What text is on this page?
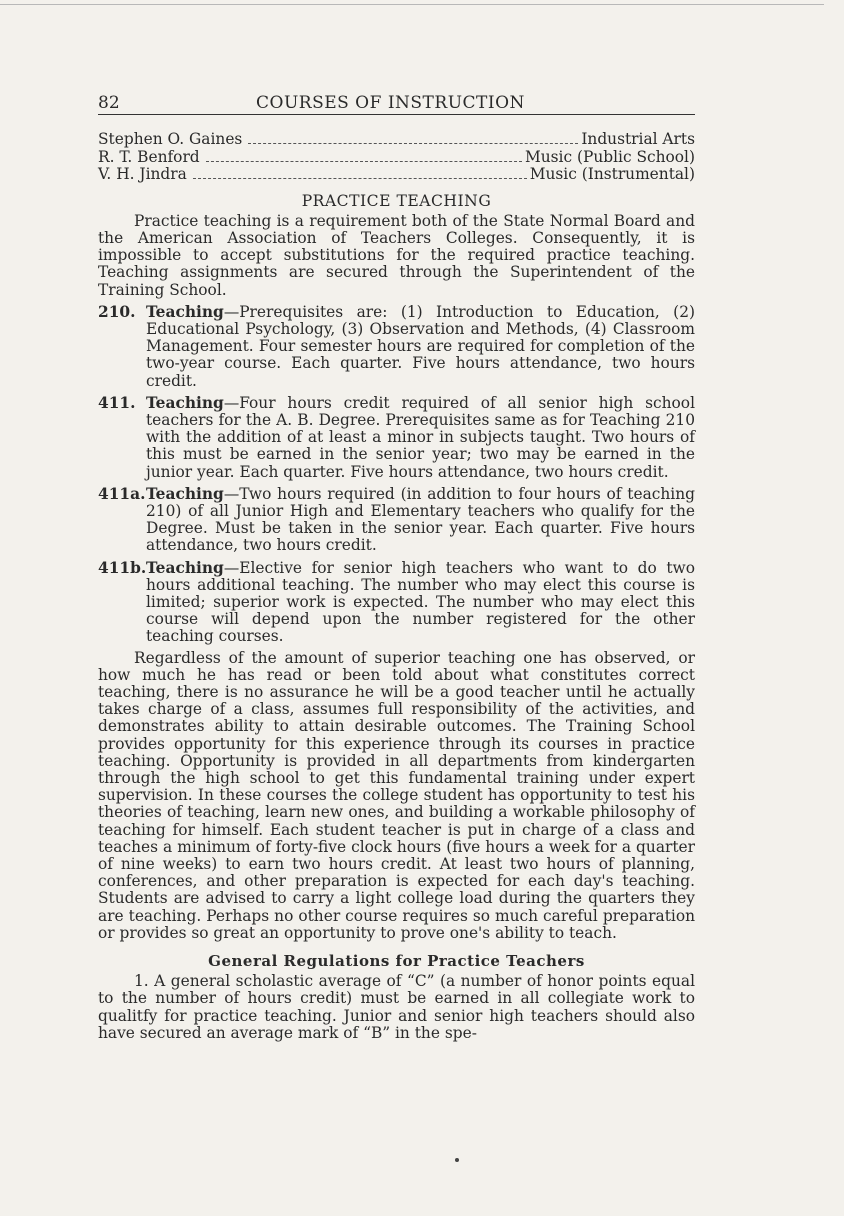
82	COURSES OF INSTRUCTION
Stephen O. Gaines	Industrial Arts
R. T. Benford	Music (Public School)
V. H. Jindra	Music (Instrumental)
PRACTICE TEACHING

Practice teaching is a requirement both of the State Normal Board and the American Association of Teachers Colleges. Consequently, it is impossible to accept substitutions for the required practice teaching. Teaching assignments are secured through the Superintendent of the Training School.

210. Teaching—Prerequisites are: (1) Introduction to Education, (2) Educational Psychology, (3) Observation and Methods, (4) Classroom Management. Four semester hours are required for completion of the two-year course. Each quarter. Five hours attendance, two hours credit.
411. Teaching—Four hours credit required of all senior high school teachers for the A. B. Degree. Prerequisites same as for Teaching 210 with the addition of at least a minor in subjects taught. Two hours of this must be earned in the senior year; two may be earned in the junior year. Each quarter. Five hours attendance, two hours credit.
411a. Teaching—Two hours required (in addition to four hours of teaching 210) of all Junior High and Elementary teachers who qualify for the Degree. Must be taken in the senior year. Each quarter. Five hours attendance, two hours credit.
411b. Teaching—Elective for senior high teachers who want to do two hours additional teaching. The number who may elect this course is limited; superior work is expected. The number who may elect this course will depend upon the number registered for the other teaching courses.

Regardless of the amount of superior teaching one has observed, or how much he has read or been told about what constitutes correct teaching, there is no assurance he will be a good teacher until he actually takes charge of a class, assumes full responsibility of the activities, and demonstrates ability to attain desirable outcomes. The Training School provides opportunity for this experience through its courses in practice teaching. Opportunity is provided in all departments from kindergarten through the high school to get this fundamental training under expert supervision. In these courses the college student has opportunity to test his theories of teaching, learn new ones, and building a workable philosophy of teaching for himself. Each student teacher is put in charge of a class and teaches a minimum of forty-five clock hours (five hours a week for a quarter of nine weeks) to earn two hours credit. At least two hours of planning, conferences, and other preparation is expected for each day's teaching. Students are advised to carry a light college load during the quarters they are teaching. Perhaps no other course requires so much careful preparation or provides so great an opportunity to prove one's ability to teach.

General Regulations for Practice Teachers

1. A general scholastic average of “C” (a number of honor points equal to the number of hours credit) must be earned in all collegiate work to qualitfy for practice teaching. Junior and senior high teachers should also have secured an average mark of “B” in the spe-
